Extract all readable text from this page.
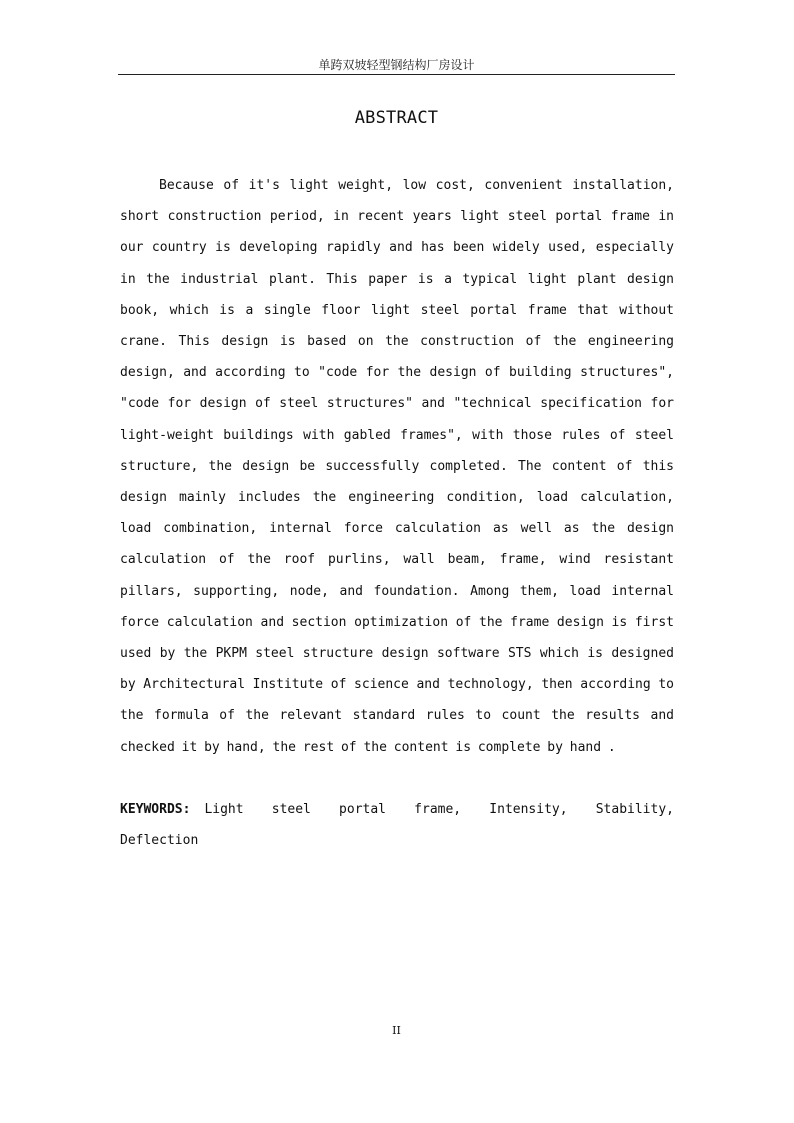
单跨双坡轻型钢结构厂房设计
ABSTRACT

Because of it's light weight, low cost, convenient installation, short construction period, in recent years light steel portal frame in our country is developing rapidly and has been widely used, especially in the industrial plant. This paper is a typical light plant design book, which is a single floor light steel portal frame that without crane. This design is based on the construction of the engineering design, and according to "code for the design of building structures", "code for design of steel structures" and "technical specification for light-weight buildings with gabled frames", with those rules of steel structure, the design be successfully completed. The content of this design mainly includes the engineering condition, load calculation, load combination, internal force calculation as well as the design calculation of the roof purlins, wall beam, frame, wind resistant pillars, supporting, node, and foundation. Among them, load internal force calculation and section optimization of the frame design is first used by the PKPM steel structure design software STS which is designed by Architectural Institute of science and technology, then according to the formula of the relevant standard rules to count the results and checked it by hand, the rest of the content is complete by hand .

KEYWORDS: Light steel portal frame, Intensity, Stability, Deflection

II
